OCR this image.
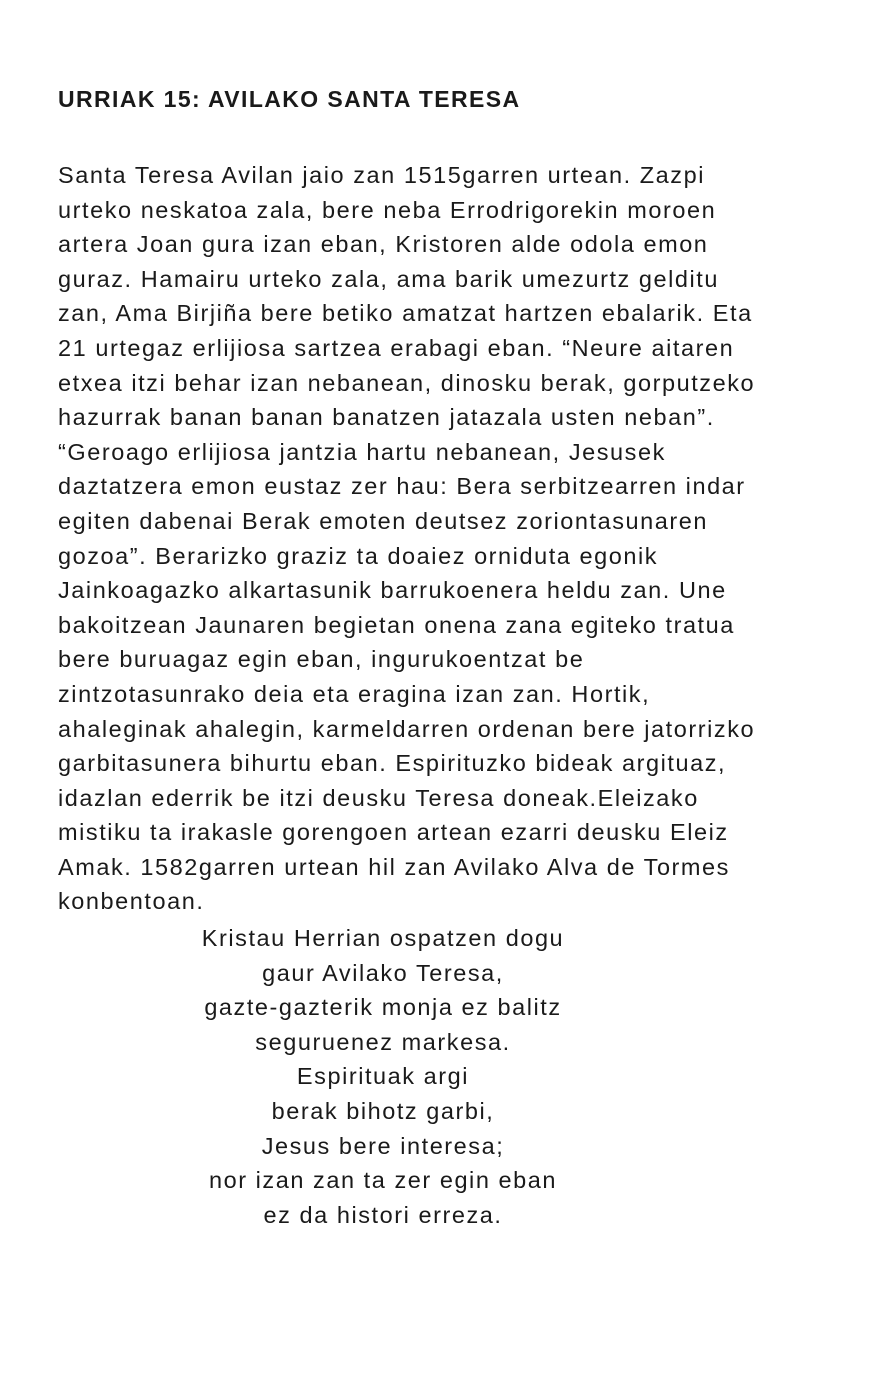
URRIAK 15: AVILAKO SANTA TERESA
Santa Teresa Avilan jaio zan 1515garren urtean. Zazpi
urteko neskatoa zala, bere neba Errodrigorekin moroen
artera Joan gura izan eban, Kristoren alde odola emon
guraz. Hamairu urteko zala, ama barik umezurtz gelditu
zan, Ama Birjiña bere betiko amatzat hartzen ebalarik. Eta
21 urtegaz erlijiosa sartzea erabagi eban. “Neure aitaren
etxea itzi behar izan nebanean, dinosku berak, gorputzeko
hazurrak banan banan banatzen jatazala usten neban”.
“Geroago erlijiosa jantzia hartu nebanean, Jesusek
daztatzera emon eustaz zer hau: Bera serbitzearren indar
egiten dabenai Berak emoten deutsez zoriontasunaren
gozoa”. Berarizko graziz ta doaiez orniduta egonik
Jainkoagazko alkartasunik barrukoenera heldu zan. Une
bakoitzean Jaunaren begietan onena zana egiteko tratua
bere buruagaz egin eban, ingurukoentzat be
zintzotasunrako deia eta eragina izan zan. Hortik,
ahaleginak ahalegin, karmeldarren ordenan bere jatorrizko
garbitasunera bihurtu eban. Espirituzko bideak argituaz,
idazlan ederrik be itzi deusku Teresa doneak.Eleizako
mistiku ta irakasle gorengoen artean ezarri deusku Eleiz
Amak. 1582garren urtean hil zan Avilako Alva de Tormes
konbentoan.
Kristau Herrian ospatzen dogu
gaur Avilako Teresa,
gazte-gazterik monja ez balitz
seguruenez markesa.
Espirituak argi
berak bihotz garbi,
Jesus bere interesa;
nor izan zan ta zer egin eban
ez da histori erreza.
